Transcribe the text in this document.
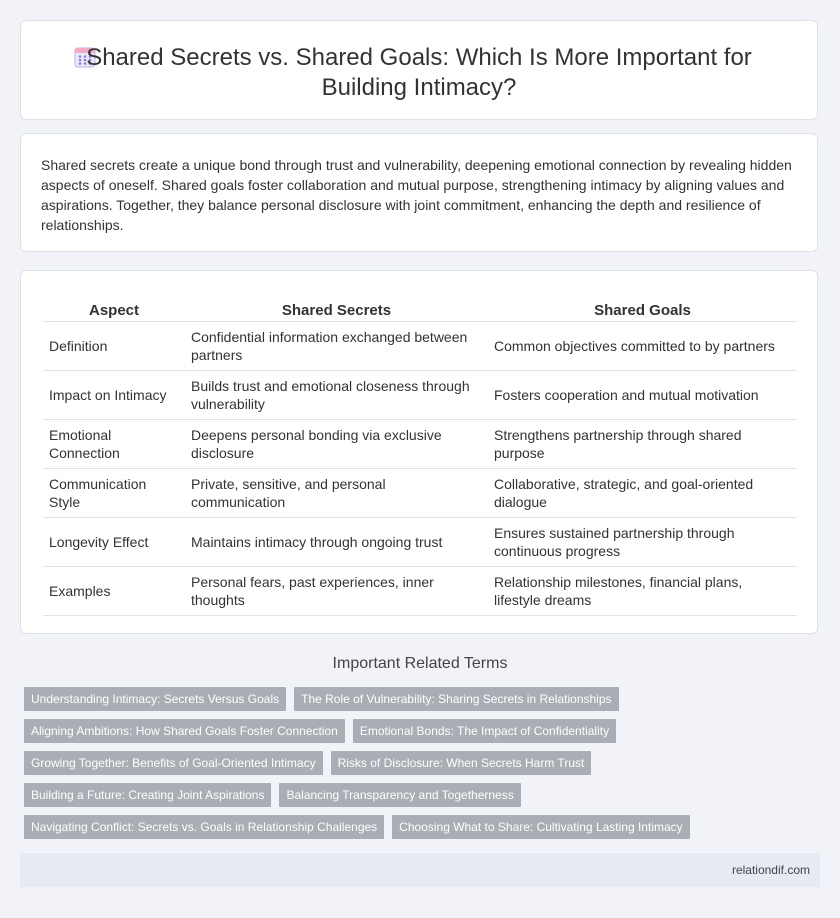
Shared Secrets vs. Shared Goals: Which Is More Important for
Building Intimacy?

Shared secrets create a unique bond through trust and vulnerability, deepening emotional connection by revealing hidden aspects of oneself. Shared goals foster collaboration and mutual purpose, strengthening intimacy by aligning values and aspirations. Together, they balance personal disclosure with joint commitment, enhancing the depth and resilience of relationships.

Aspect	Shared Secrets	Shared Goals
Definition	Confidential information exchanged between partners	Common objectives committed to by partners
Impact on Intimacy	Builds trust and emotional closeness through vulnerability	Fosters cooperation and mutual motivation
Emotional Connection	Deepens personal bonding via exclusive disclosure	Strengthens partnership through shared purpose
Communication Style	Private, sensitive, and personal communication	Collaborative, strategic, and goal-oriented dialogue
Longevity Effect	Maintains intimacy through ongoing trust	Ensures sustained partnership through continuous progress
Examples	Personal fears, past experiences, inner thoughts	Relationship milestones, financial plans, lifestyle dreams
Important Related Terms
Understanding Intimacy: Secrets Versus Goals	The Role of Vulnerability: Sharing Secrets in Relationships
Aligning Ambitions: How Shared Goals Foster Connection	Emotional Bonds: The Impact of Confidentiality
Growing Together: Benefits of Goal-Oriented Intimacy	Risks of Disclosure: When Secrets Harm Trust
Building a Future: Creating Joint Aspirations	Balancing Transparency and Togetherness
Navigating Conflict: Secrets vs. Goals in Relationship Challenges	Choosing What to Share: Cultivating Lasting Intimacy
relationdif.com
